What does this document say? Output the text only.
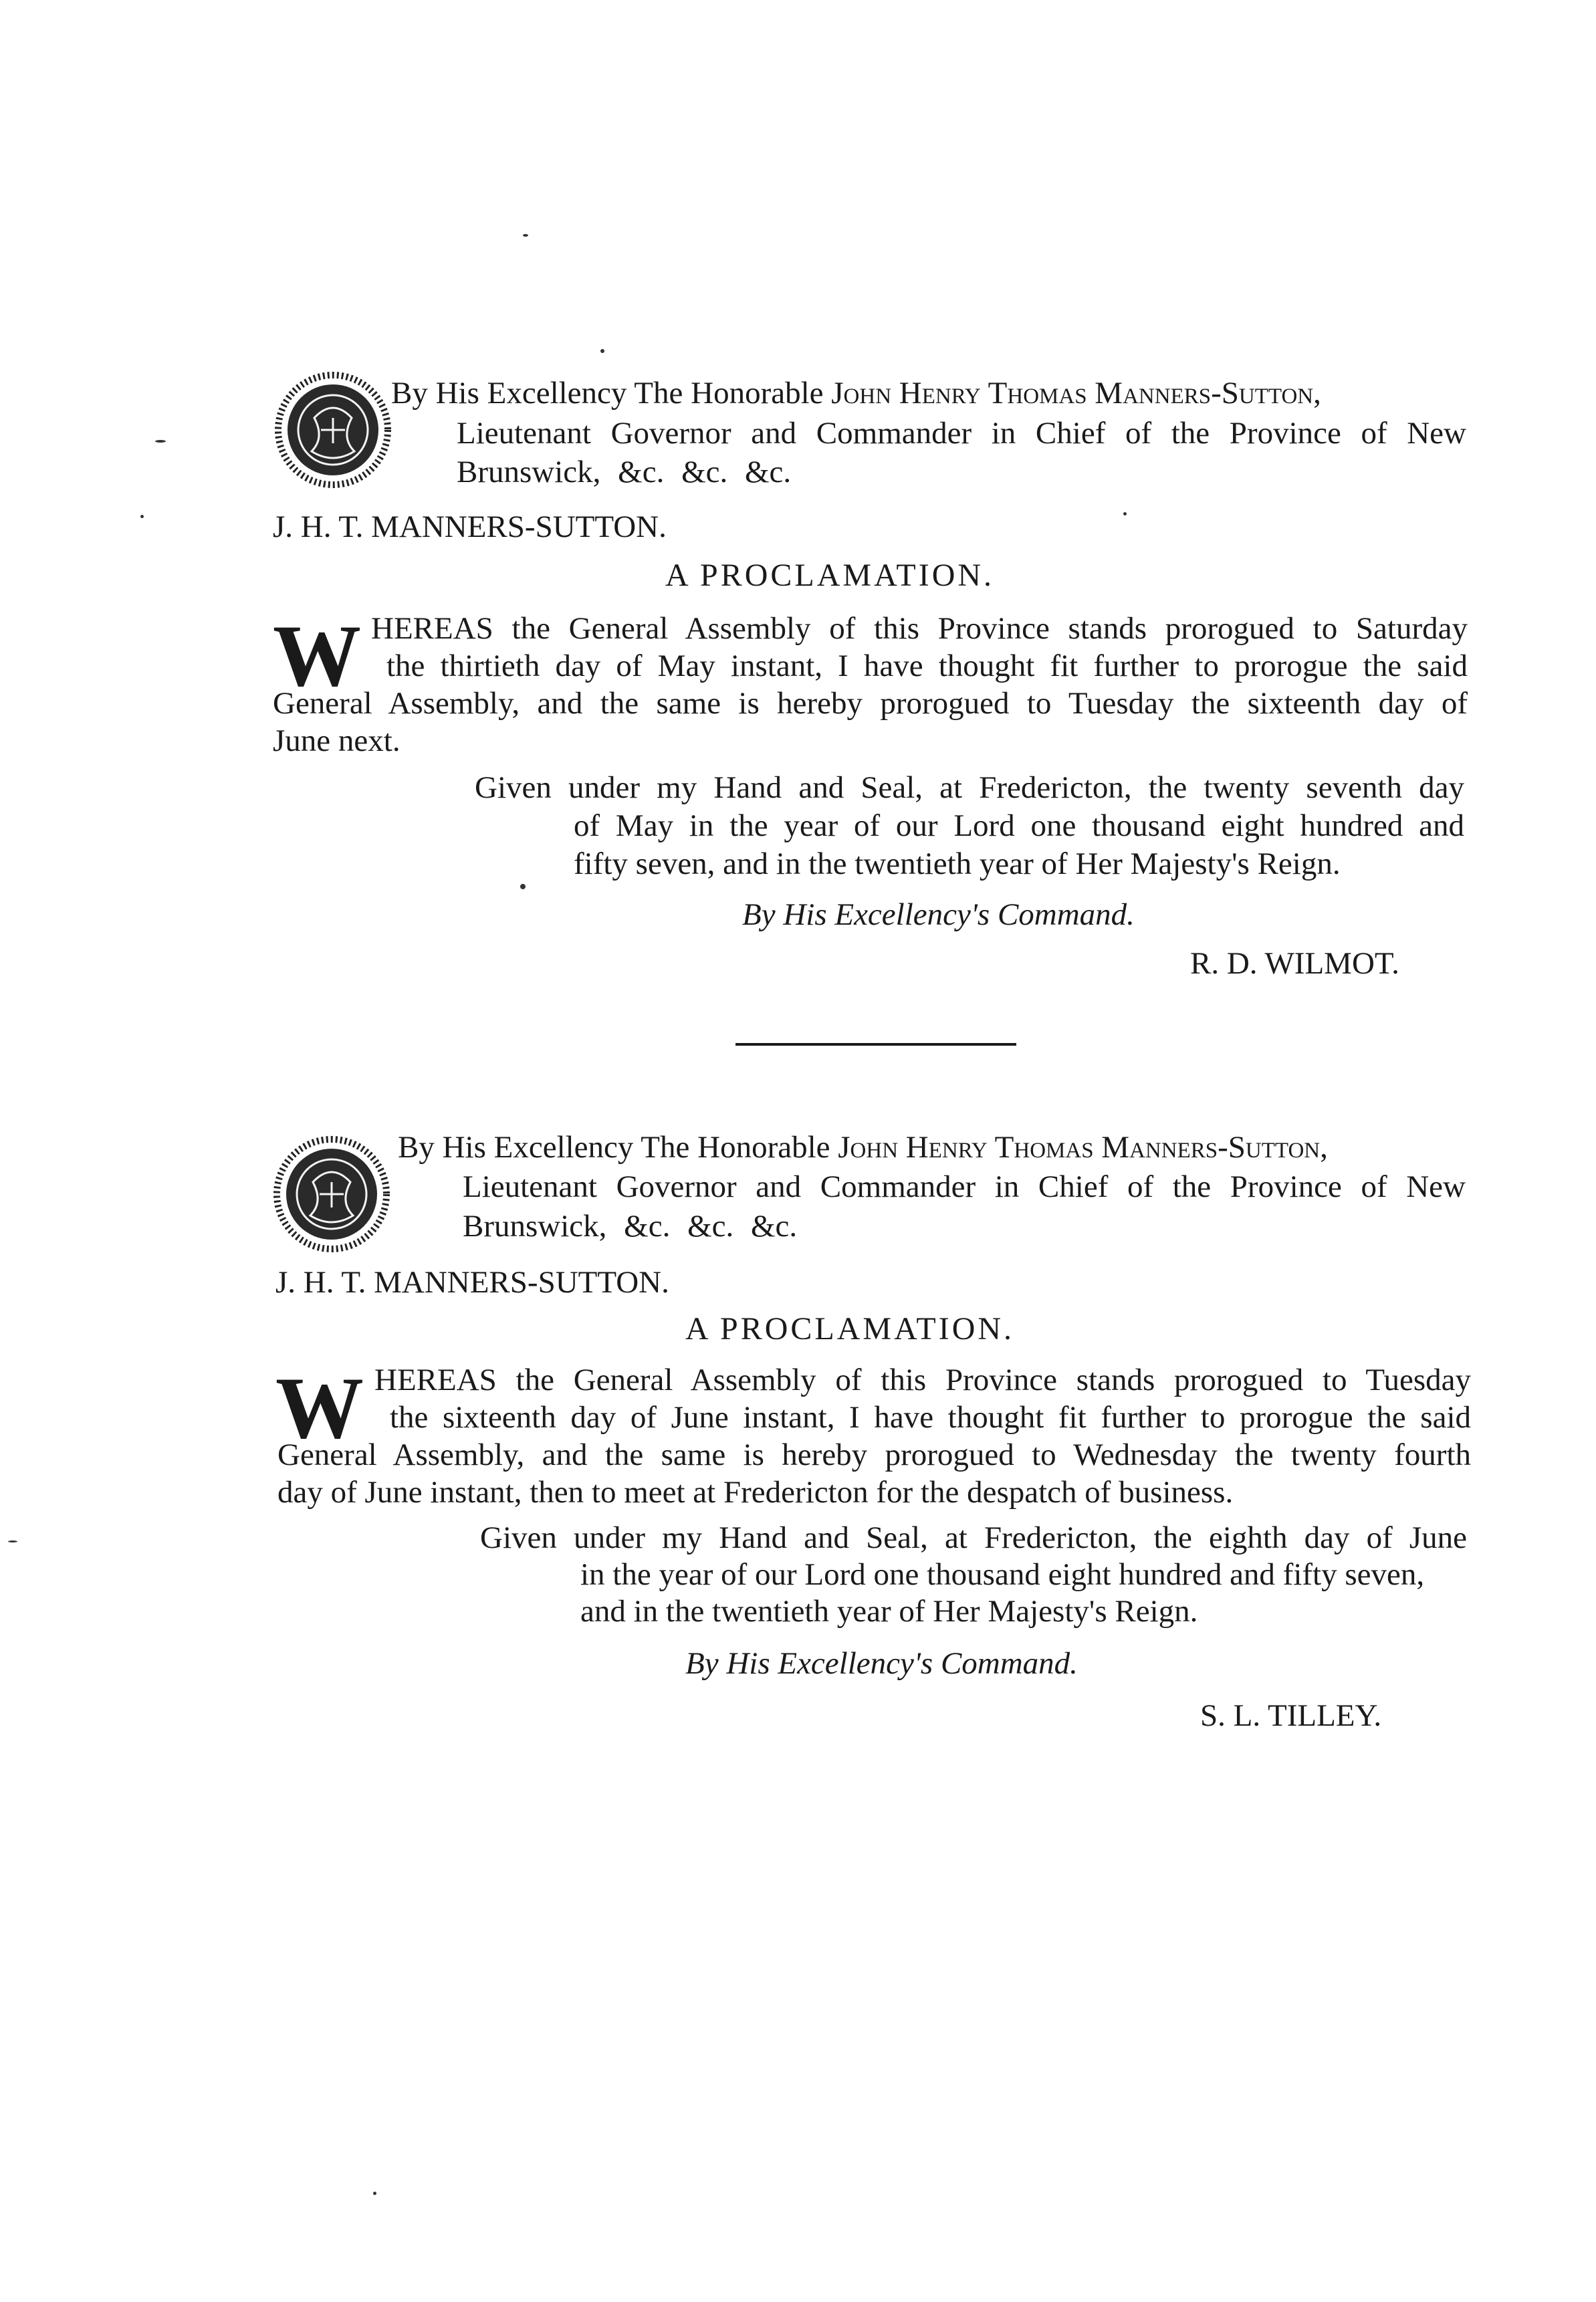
By His Excellency The Honorable John Henry Thomas Manners-Sutton,
Lieutenant Governor and Commander in Chief of the Province of New
Brunswick, &c. &c. &c.
J. H. T. MANNERS-SUTTON.
A PROCLAMATION.
W HEREAS the General Assembly of this Province stands prorogued to Saturday
the thirtieth day of May instant, I have thought fit further to prorogue the said
General Assembly, and the same is hereby prorogued to Tuesday the sixteenth day of
June next.
Given under my Hand and Seal, at Fredericton, the twenty seventh day
of May in the year of our Lord one thousand eight hundred and
fifty seven, and in the twentieth year of Her Majesty's Reign.
By His Excellency's Command.
R. D. WILMOT.
By His Excellency The Honorable John Henry Thomas Manners-Sutton,
Lieutenant Governor and Commander in Chief of the Province of New
Brunswick, &c. &c. &c.
J. H. T. MANNERS-SUTTON.
A PROCLAMATION.
W HEREAS the General Assembly of this Province stands prorogued to Tuesday
the sixteenth day of June instant, I have thought fit further to prorogue the said
General Assembly, and the same is hereby prorogued to Wednesday the twenty fourth
day of June instant, then to meet at Fredericton for the despatch of business.
Given under my Hand and Seal, at Fredericton, the eighth day of June
in the year of our Lord one thousand eight hundred and fifty seven,
and in the twentieth year of Her Majesty's Reign.
By His Excellency's Command.
S. L. TILLEY.
